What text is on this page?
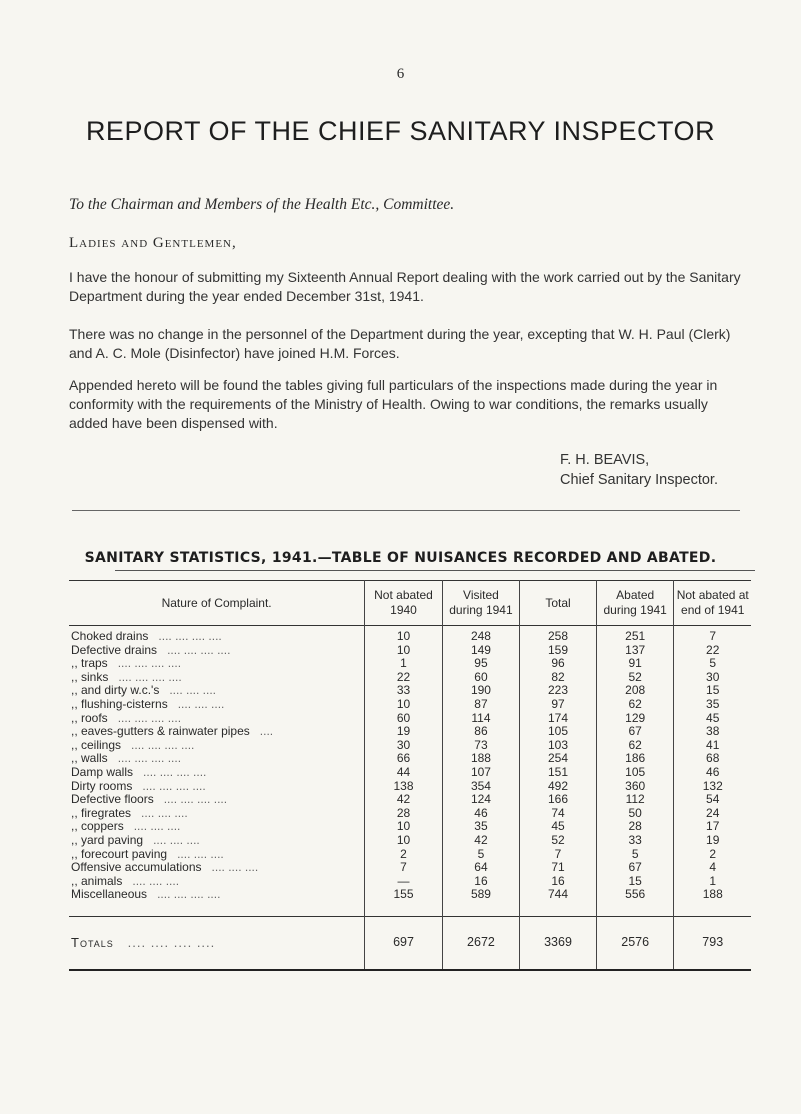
6
REPORT OF THE CHIEF SANITARY INSPECTOR
To the Chairman and Members of the Health Etc., Committee.
Ladies and Gentlemen,
I have the honour of submitting my Sixteenth Annual Report dealing with the work carried out by the Sanitary Department during the year ended December 31st, 1941.
There was no change in the personnel of the Department during the year, excepting that W. H. Paul (Clerk) and A. C. Mole (Disinfector) have joined H.M. Forces.
Appended hereto will be found the tables giving full particulars of the inspections made during the year in conformity with the requirements of the Ministry of Health. Owing to war conditions, the remarks usually added have been dispensed with.
F. H. BEAVIS,
Chief Sanitary Inspector.
SANITARY STATISTICS, 1941.—TABLE OF NUISANCES RECORDED AND ABATED.
Nature of Complaint.	Not abated 1940	Visited during 1941	Total	Abated during 1941	Not abated at end of 1941
Choked drains .... .... .... ....	10	248	258	251	7
Defective drains .... .... .... ....	10	149	159	137	22
,, traps .... .... .... ....	1	95	96	91	5
,, sinks .... .... .... ....	22	60	82	52	30
,, and dirty w.c.'s .... .... ....	33	190	223	208	15
,, flushing-cisterns .... .... ....	10	87	97	62	35
,, roofs .... .... .... ....	60	114	174	129	45
,, eaves-gutters & rainwater pipes ....	19	86	105	67	38
,, ceilings .... .... .... ....	30	73	103	62	41
,, walls .... .... .... ....	66	188	254	186	68
Damp walls .... .... .... ....	44	107	151	105	46
Dirty rooms .... .... .... ....	138	354	492	360	132
Defective floors .... .... .... ....	42	124	166	112	54
,, firegrates .... .... ....	28	46	74	50	24
,, coppers .... .... ....	10	35	45	28	17
,, yard paving .... .... ....	10	42	52	33	19
,, forecourt paving .... .... ....	2	5	7	5	2
Offensive accumulations .... .... ....	7	64	71	67	4
,, animals .... .... ....	—	16	16	15	1
Miscellaneous .... .... .... ....	155	589	744	556	188

Totals .... .... .... ....	697	2672	3369	2576	793
